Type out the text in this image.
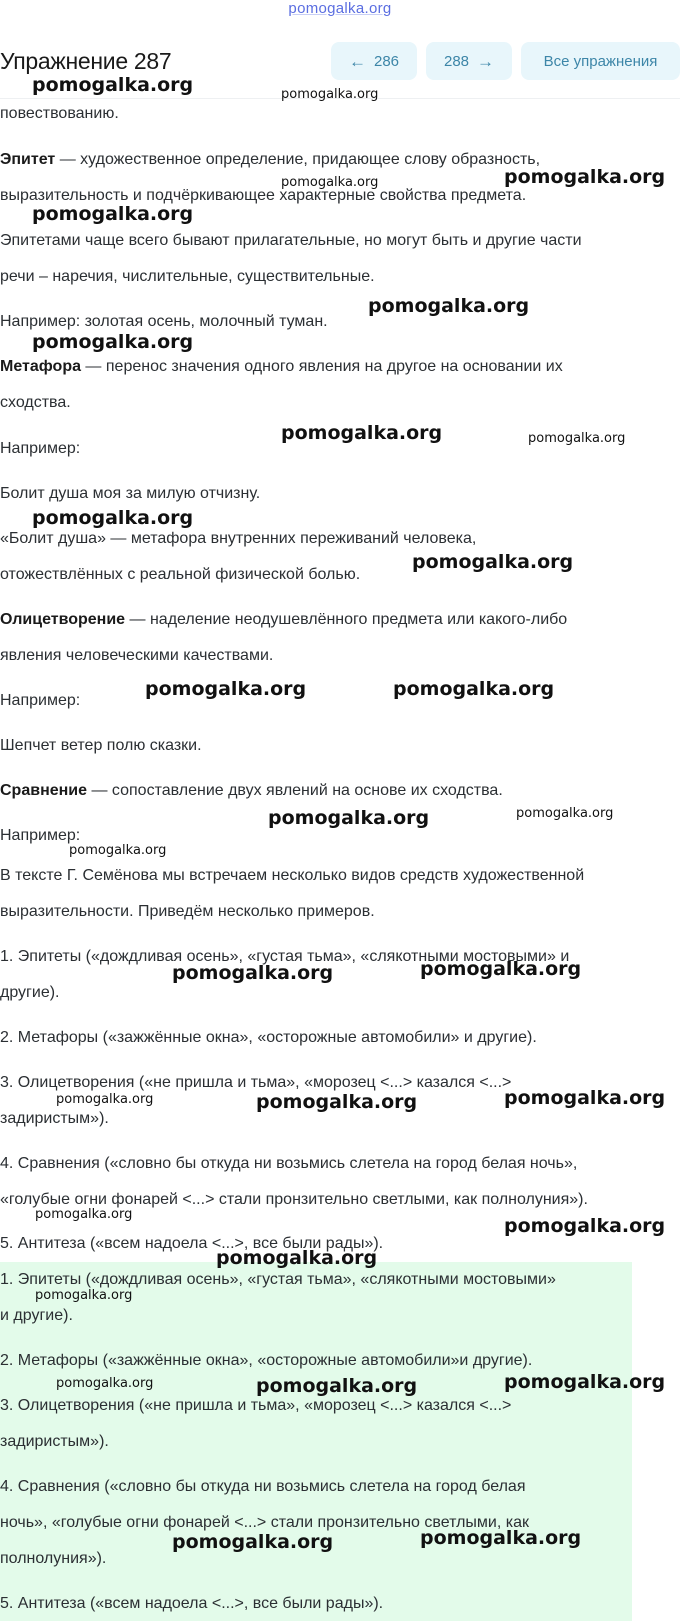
pomogalka.org
Упражнение 287	← 286	288 →	Все упражнения
повествованию.
Эпитет — художественное определение, придающее слову образность,
выразительность и подчёркивающее характерные свойства предмета.
Эпитетами чаще всего бывают прилагательные, но могут быть и другие части
речи – наречия, числительные, существительные.
Например: золотая осень, молочный туман.
Метафора — перенос значения одного явления на другое на основании их
сходства.
Например:
Болит душа моя за милую отчизну.
«Болит душа» — метафора внутренних переживаний человека,
отожествлённых с реальной физической болью.
Олицетворение — наделение неодушевлённого предмета или какого-либо
явления человеческими качествами.
Например:
Шепчет ветер полю сказки.
Сравнение — сопоставление двух явлений на основе их сходства.
Например:
В тексте Г. Семёнова мы встречаем несколько видов средств художественной
выразительности. Приведём несколько примеров.
1. Эпитеты («дождливая осень», «густая тьма», «слякотными мостовыми» и
другие).
2. Метафоры («зажжённые окна», «осторожные автомобили» и другие).
3. Олицетворения («не пришла и тьма», «морозец <...> казался <...>
задиристым»).
4. Сравнения («словно бы откуда ни возьмись слетела на город белая ночь»,
«голубые огни фонарей <...> стали пронзительно светлыми, как полнолуния»).
5. Антитеза («всем надоела <...>, все были рады»).
1. Эпитеты («дождливая осень», «густая тьма», «слякотными мостовыми»
и другие).
2. Метафоры («зажжённые окна», «осторожные автомобили»и другие).
3. Олицетворения («не пришла и тьма», «морозец <...> казался <...>
задиристым»).
4. Сравнения («словно бы откуда ни возьмись слетела на город белая
ночь», «голубые огни фонарей <...> стали пронзительно светлыми, как
полнолуния»).
5. Антитеза («всем надоела <...>, все были рады»).
pomogalka.org	pomogalka.org
pomogalka.org	pomogalka.org
pomogalka.org
pomogalka.org
pomogalka.org
pomogalka.org	pomogalka.org
pomogalka.org
pomogalka.org
pomogalka.org	pomogalka.org
pomogalka.org	pomogalka.org
pomogalka.org
pomogalka.org	pomogalka.org
pomogalka.org	pomogalka.org	pomogalka.org
pomogalka.org
pomogalka.org
pomogalka.org
pomogalka.org
pomogalka.org	pomogalka.org	pomogalka.org
pomogalka.org	pomogalka.org
